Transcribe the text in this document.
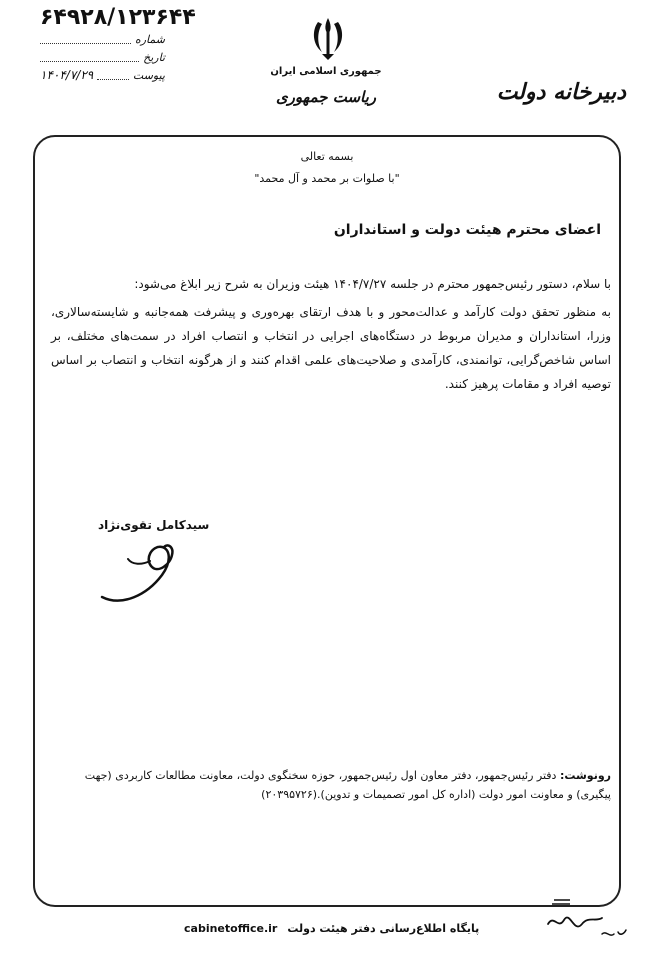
۶۴۹۲۸/۱۲۳۶۴۴
شماره
تاریخ
پیوست
۱۴۰۴/۷/۲۹	جمهوری اسلامی ایران
ریاست جمهوری	دبیرخانه دولت
بسمه تعالی
"با صلوات بر محمد و آل محمد"
اعضای محترم هیئت دولت و استانداران

با سلام، دستور رئیس‌جمهور محترم در جلسه ۱۴۰۴/۷/۲۷ هیئت وزیران به شرح زیر ابلاغ می‌شود:

به منظور تحقق دولت کارآمد و عدالت‌محور و با هدف ارتقای بهره‌وری و پیشرفت همه‌جانبه و شایسته‌سالاری، وزرا، استانداران و مدیران مربوط در دستگاه‌های اجرایی در انتخاب و انتصاب افراد در سمت‌های مختلف، بر اساس شاخص‌گرایی، توانمندی، کارآمدی و صلاحیت‌های علمی اقدام کنند و از هرگونه انتخاب و انتصاب بر اساس توصیه افراد و مقامات پرهیز کنند.

سیدکامل تقوی‌نژاد
رونوشت: دفتر رئیس‌جمهور، دفتر معاون اول رئیس‌جمهور، حوزه سخنگوی دولت، معاونت مطالعات کاربردی (جهت پیگیری) و معاونت امور دولت (اداره کل امور تصمیمات و تدوین).(۲۰۳۹۵۷۲۶)
cabinetoffice.ir پایگاه اطلاع‌رسانی دفتر هیئت دولت
